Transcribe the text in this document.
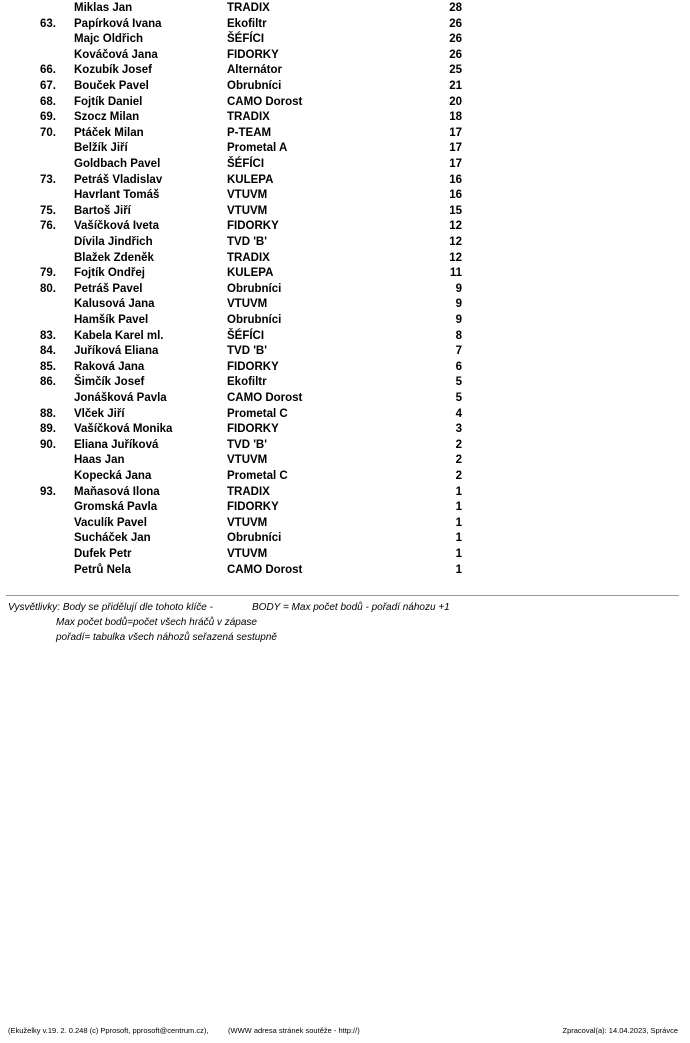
Miklas Jan	TRADIX	28
63. Papírková Ivana	Ekofiltr	26
Majc Oldřich	ŠÉFÍCI	26
Kováčová Jana	FIDORKY	26
66. Kozubík Josef	Alternátor	25
67. Bouček Pavel	Obrubníci	21
68. Fojtík Daniel	CAMO Dorost	20
69. Szocz Milan	TRADIX	18
70. Ptáček Milan	P-TEAM	17
Belžík Jiří	Prometal A	17
Goldbach Pavel	ŠÉFÍCI	17
73. Petráš Vladislav	KULEPA	16
Havrlant Tomáš	VTUVM	16
75. Bartoš Jiří	VTUVM	15
76. Vašíčková Iveta	FIDORKY	12
Dívila Jindřich	TVD 'B'	12
Blažek Zdeněk	TRADIX	12
79. Fojtík Ondřej	KULEPA	11
80. Petráš Pavel	Obrubníci	9
Kalusová Jana	VTUVM	9
Hamšík Pavel	Obrubníci	9
83. Kabela Karel ml.	ŠÉFÍCI	8
84. Juříková Eliana	TVD 'B'	7
85. Raková Jana	FIDORKY	6
86. Šimčík Josef	Ekofiltr	5
Jonášková Pavla	CAMO Dorost	5
88. Vlček Jiří	Prometal C	4
89. Vašíčková Monika	FIDORKY	3
90. Eliana Juříková	TVD 'B'	2
Haas Jan	VTUVM	2
Kopecká Jana	Prometal C	2
93. Maňasová Ilona	TRADIX	1
Gromská Pavla	FIDORKY	1
Vaculík Pavel	VTUVM	1
Sucháček Jan	Obrubníci	1
Dufek Petr	VTUVM	1
Petrů Nela	CAMO Dorost	1
Vysvětlivky: Body se přidělují dle tohoto klíče -	BODY = Max počet bodů - pořadí náhozu +1
Max počet bodů=počet všech hráčů v zápase
pořadí= tabulka všech náhozů seřazená sestupně
(Ekuželky v.19. 2. 0.248 (c) Pprosoft, pprosoft@centrum.cz),	(WWW adresa stránek soutěže - http://)	Zpracoval(a): 14.04.2023, Správce
